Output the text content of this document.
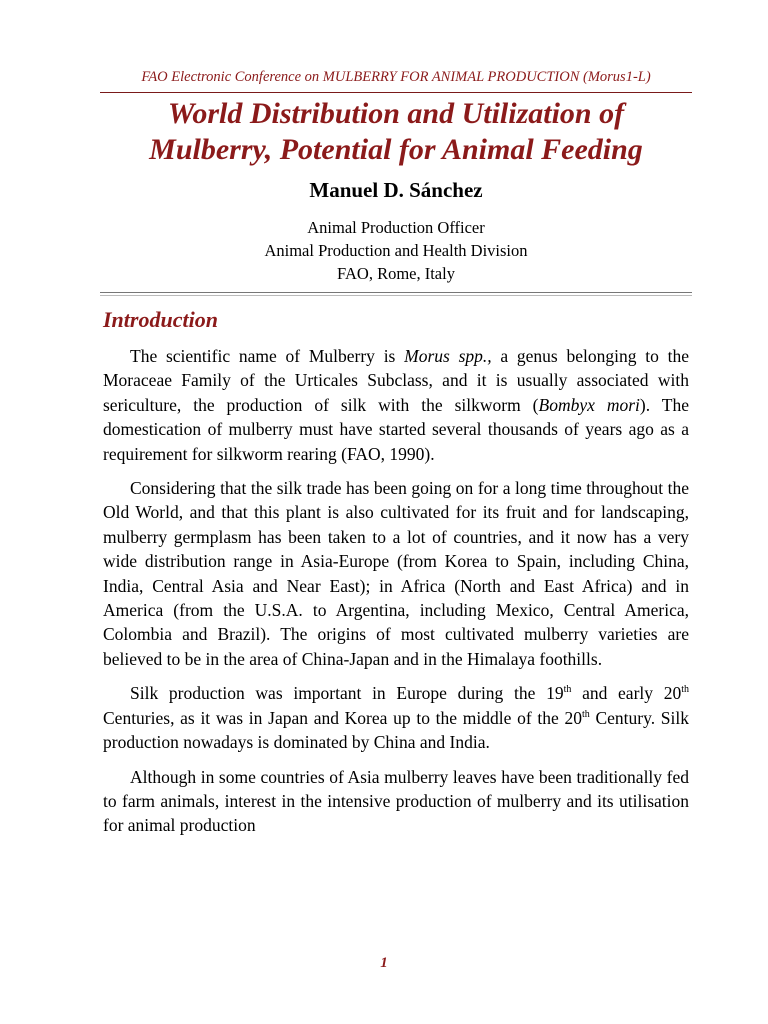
FAO Electronic Conference on MULBERRY FOR ANIMAL PRODUCTION (Morus1-L)
World Distribution and Utilization of
Mulberry, Potential for Animal Feeding
Manuel D. Sánchez
Animal Production Officer
Animal Production and Health Division
FAO, Rome, Italy
Introduction

The scientific name of Mulberry is Morus spp., a genus belonging to the Moraceae Family of the Urticales Subclass, and it is usually associated with sericulture, the production of silk with the silkworm (Bombyx mori). The domestication of mulberry must have started several thousands of years ago as a requirement for silkworm rearing (FAO, 1990).

Considering that the silk trade has been going on for a long time throughout the Old World, and that this plant is also cultivated for its fruit and for landscaping, mulberry germplasm has been taken to a lot of countries, and it now has a very wide distribution range in Asia-Europe (from Korea to Spain, including China, India, Central Asia and Near East); in Africa (North and East Africa) and in America (from the U.S.A. to Argentina, including Mexico, Central America, Colombia and Brazil). The origins of most cultivated mulberry varieties are believed to be in the area of China-Japan and in the Himalaya foothills.

Silk production was important in Europe during the 19th and early 20th Centuries, as it was in Japan and Korea up to the middle of the 20th Century. Silk production nowadays is dominated by China and India.

Although in some countries of Asia mulberry leaves have been traditionally fed to farm animals, interest in the intensive production of mulberry and its utilisation for animal production

1
